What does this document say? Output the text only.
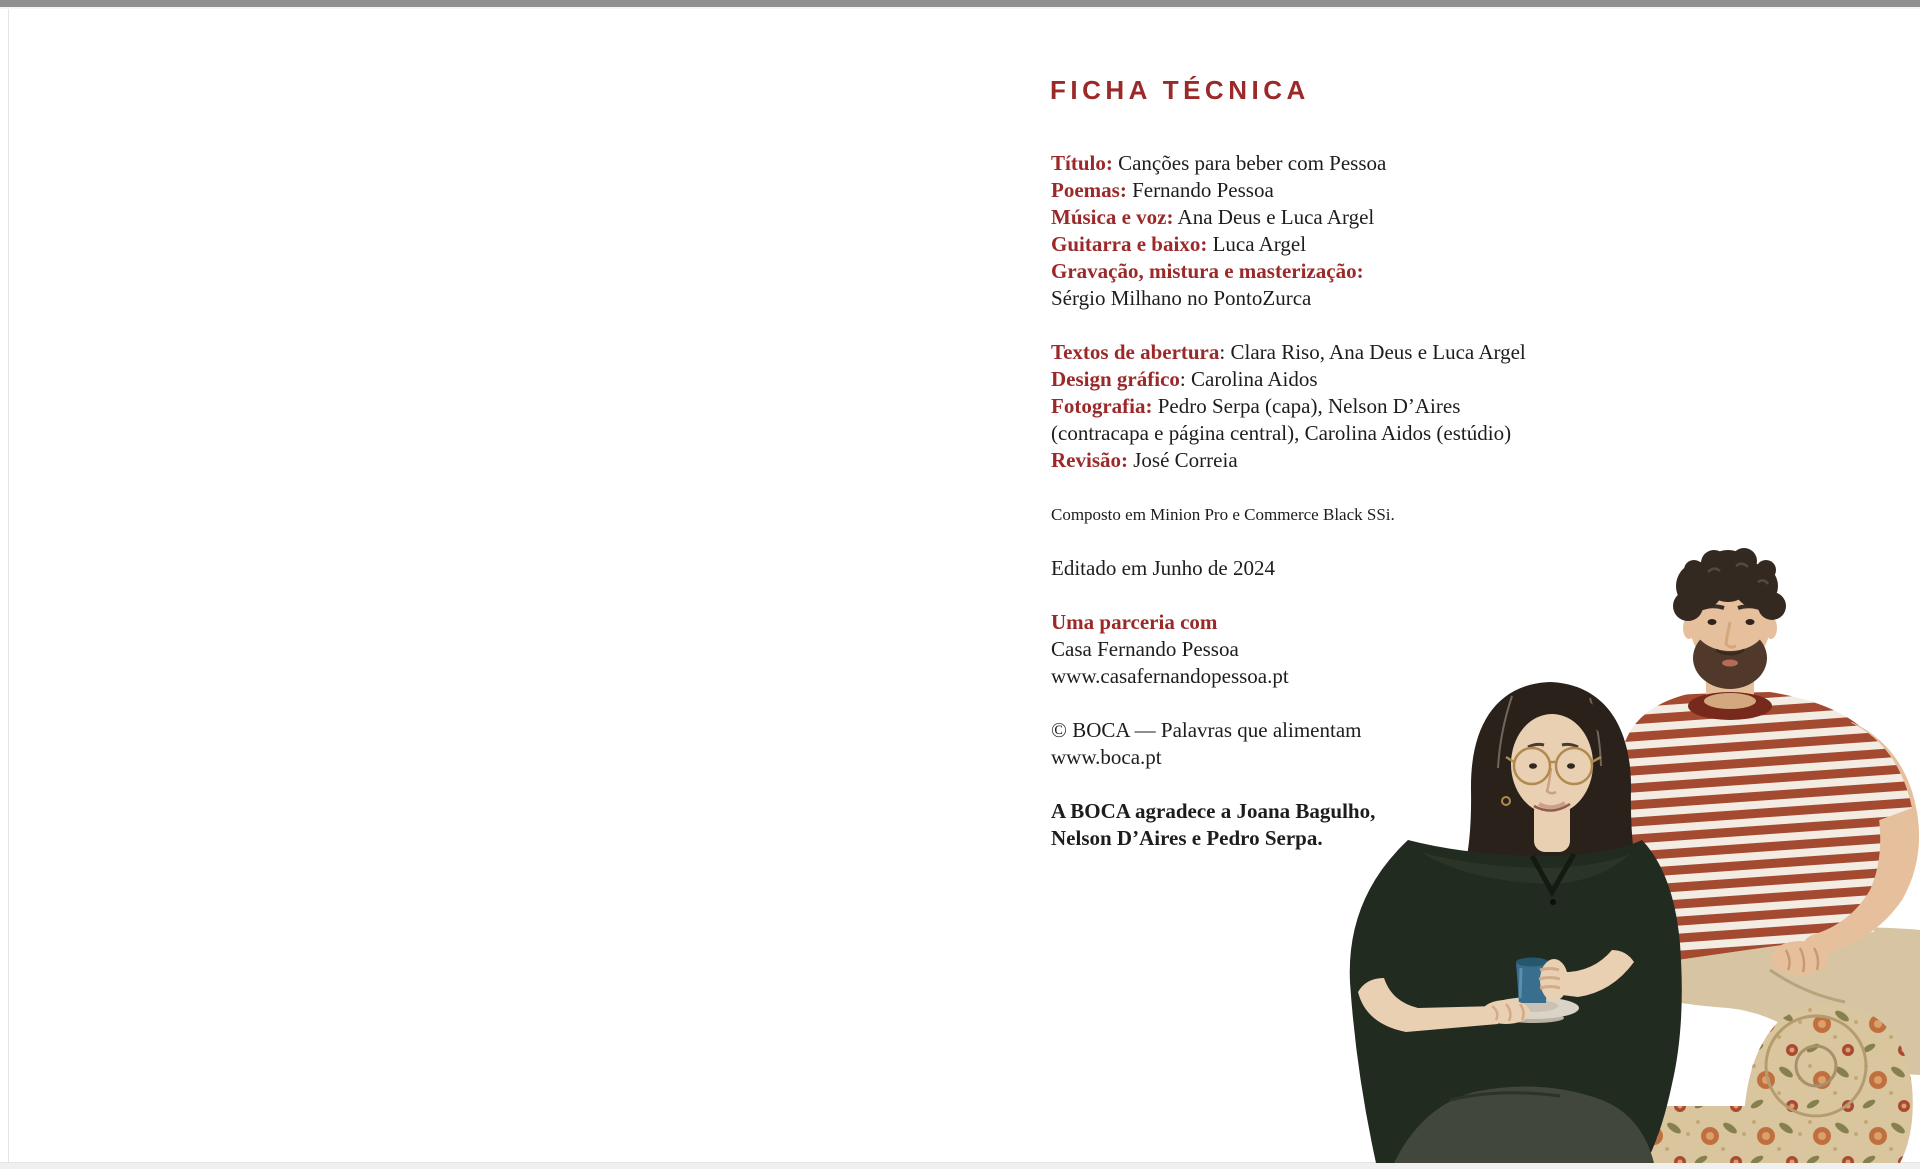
FICHA TÉCNICA
Título: Canções para beber com Pessoa
Poemas: Fernando Pessoa
Música e voz: Ana Deus e Luca Argel
Guitarra e baixo: Luca Argel
Gravação, mistura e masterização:
Sérgio Milhano no PontoZurca
Textos de abertura: Clara Riso, Ana Deus e Luca Argel
Design gráfico: Carolina Aidos
Fotografia: Pedro Serpa (capa), Nelson D’Aires
(contracapa e página central), Carolina Aidos (estúdio)
Revisão: José Correia
Composto em Minion Pro e Commerce Black SSi.
Editado em Junho de 2024
Uma parceria com
Casa Fernando Pessoa
www.casafernandopessoa.pt
© BOCA — Palavras que alimentam
www.boca.pt
A BOCA agradece a Joana Bagulho,
Nelson D’Aires e Pedro Serpa.
